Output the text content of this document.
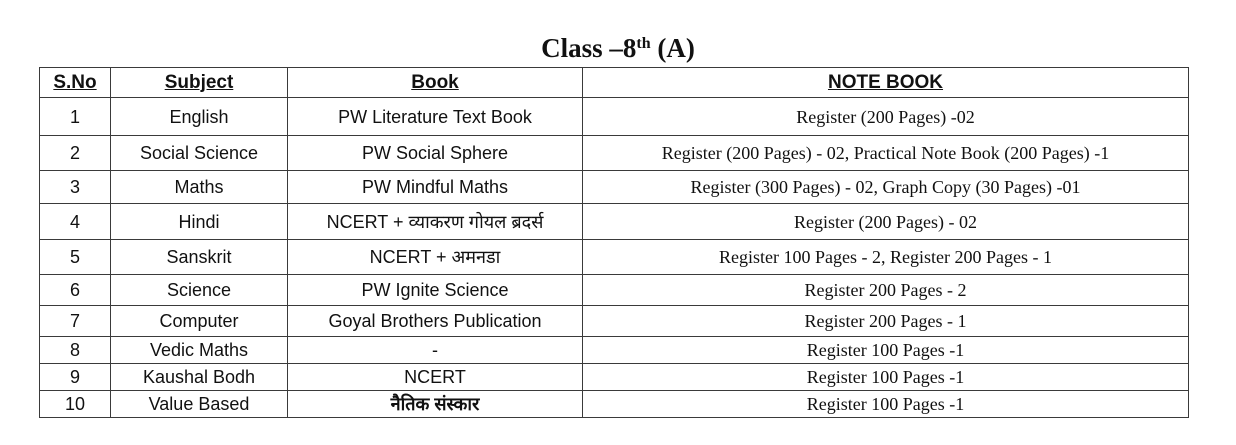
Class –8th (A)
S.No	Subject	Book	NOTE BOOK
1	English	PW Literature Text Book	Register (200 Pages) -02
2	Social Science	PW Social Sphere	Register (200 Pages) - 02, Practical Note Book (200 Pages) -1
3	Maths	PW Mindful Maths	Register (300 Pages) - 02, Graph Copy (30 Pages) -01
4	Hindi	NCERT + व्याकरण गोयल ब्रदर्स	Register (200 Pages) - 02
5	Sanskrit	NCERT + अमनडा	Register 100 Pages - 2, Register 200 Pages - 1
6	Science	PW Ignite Science	Register 200 Pages - 2
7	Computer	Goyal Brothers Publication	Register 200 Pages - 1
8	Vedic Maths	-	Register 100 Pages -1
9	Kaushal Bodh	NCERT	Register 100 Pages -1
10	Value Based	नैतिक संस्कार	Register 100 Pages -1
